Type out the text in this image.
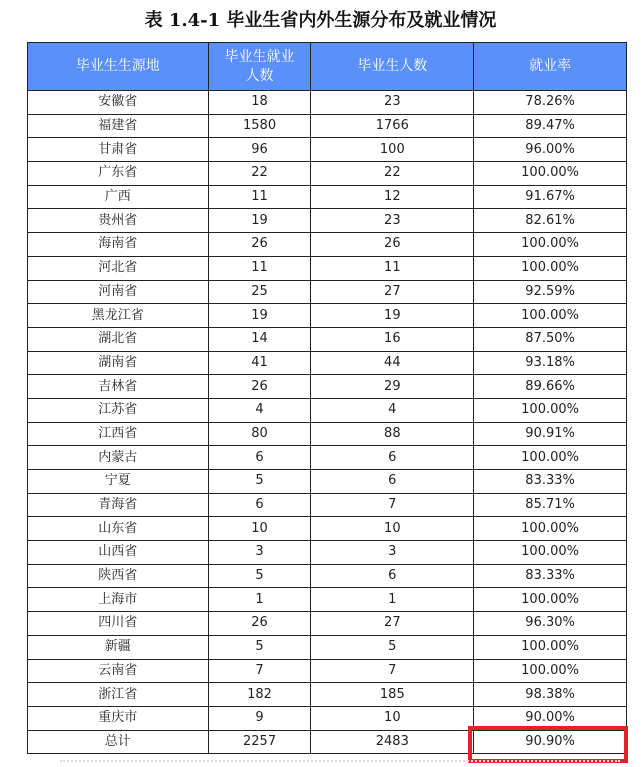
表 1.4-1 毕业生省内外生源分布及就业情况
毕业生生源地	毕业生就业人数	毕业生人数	就业率
安徽省	18	23	78.26%
福建省	1580	1766	89.47%
甘肃省	96	100	96.00%
广东省	22	22	100.00%
广西	11	12	91.67%
贵州省	19	23	82.61%
海南省	26	26	100.00%
河北省	11	11	100.00%
河南省	25	27	92.59%
黑龙江省	19	19	100.00%
湖北省	14	16	87.50%
湖南省	41	44	93.18%
吉林省	26	29	89.66%
江苏省	4	4	100.00%
江西省	80	88	90.91%
内蒙古	6	6	100.00%
宁夏	5	6	83.33%
青海省	6	7	85.71%
山东省	10	10	100.00%
山西省	3	3	100.00%
陕西省	5	6	83.33%
上海市	1	1	100.00%
四川省	26	27	96.30%
新疆	5	5	100.00%
云南省	7	7	100.00%
浙江省	182	185	98.38%
重庆市	9	10	90.00%
总计	2257	2483	90.90%
